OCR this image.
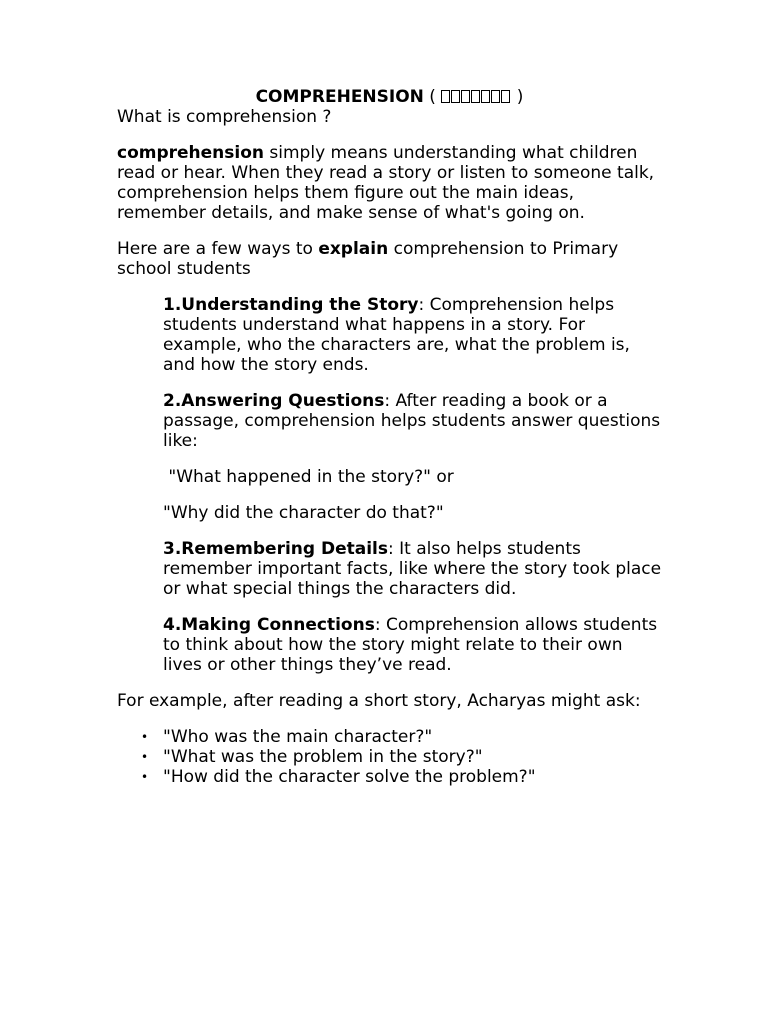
COMPREHENSION (	)

What is comprehension ?

comprehension simply means understanding what children read or hear. When they read a story or listen to someone talk, comprehension helps them figure out the main ideas, remember details, and make sense of what's going on.

Here are a few ways to explain comprehension to Primary school students

1.Understanding the Story: Comprehension helps students understand what happens in a story. For example, who the characters are, what the problem is, and how the story ends.

2.Answering Questions: After reading a book or a passage, comprehension helps students answer questions like:

"What happened in the story?" or

"Why did the character do that?"

3.Remembering Details: It also helps students remember important facts, like where the story took place or what special things the characters did.

4.Making Connections: Comprehension allows students to think about how the story might relate to their own lives or other things they’ve read.

For example, after reading a short story, Acharyas might ask:

• "Who was the main character?"
• "What was the problem in the story?"
• "How did the character solve the problem?"
